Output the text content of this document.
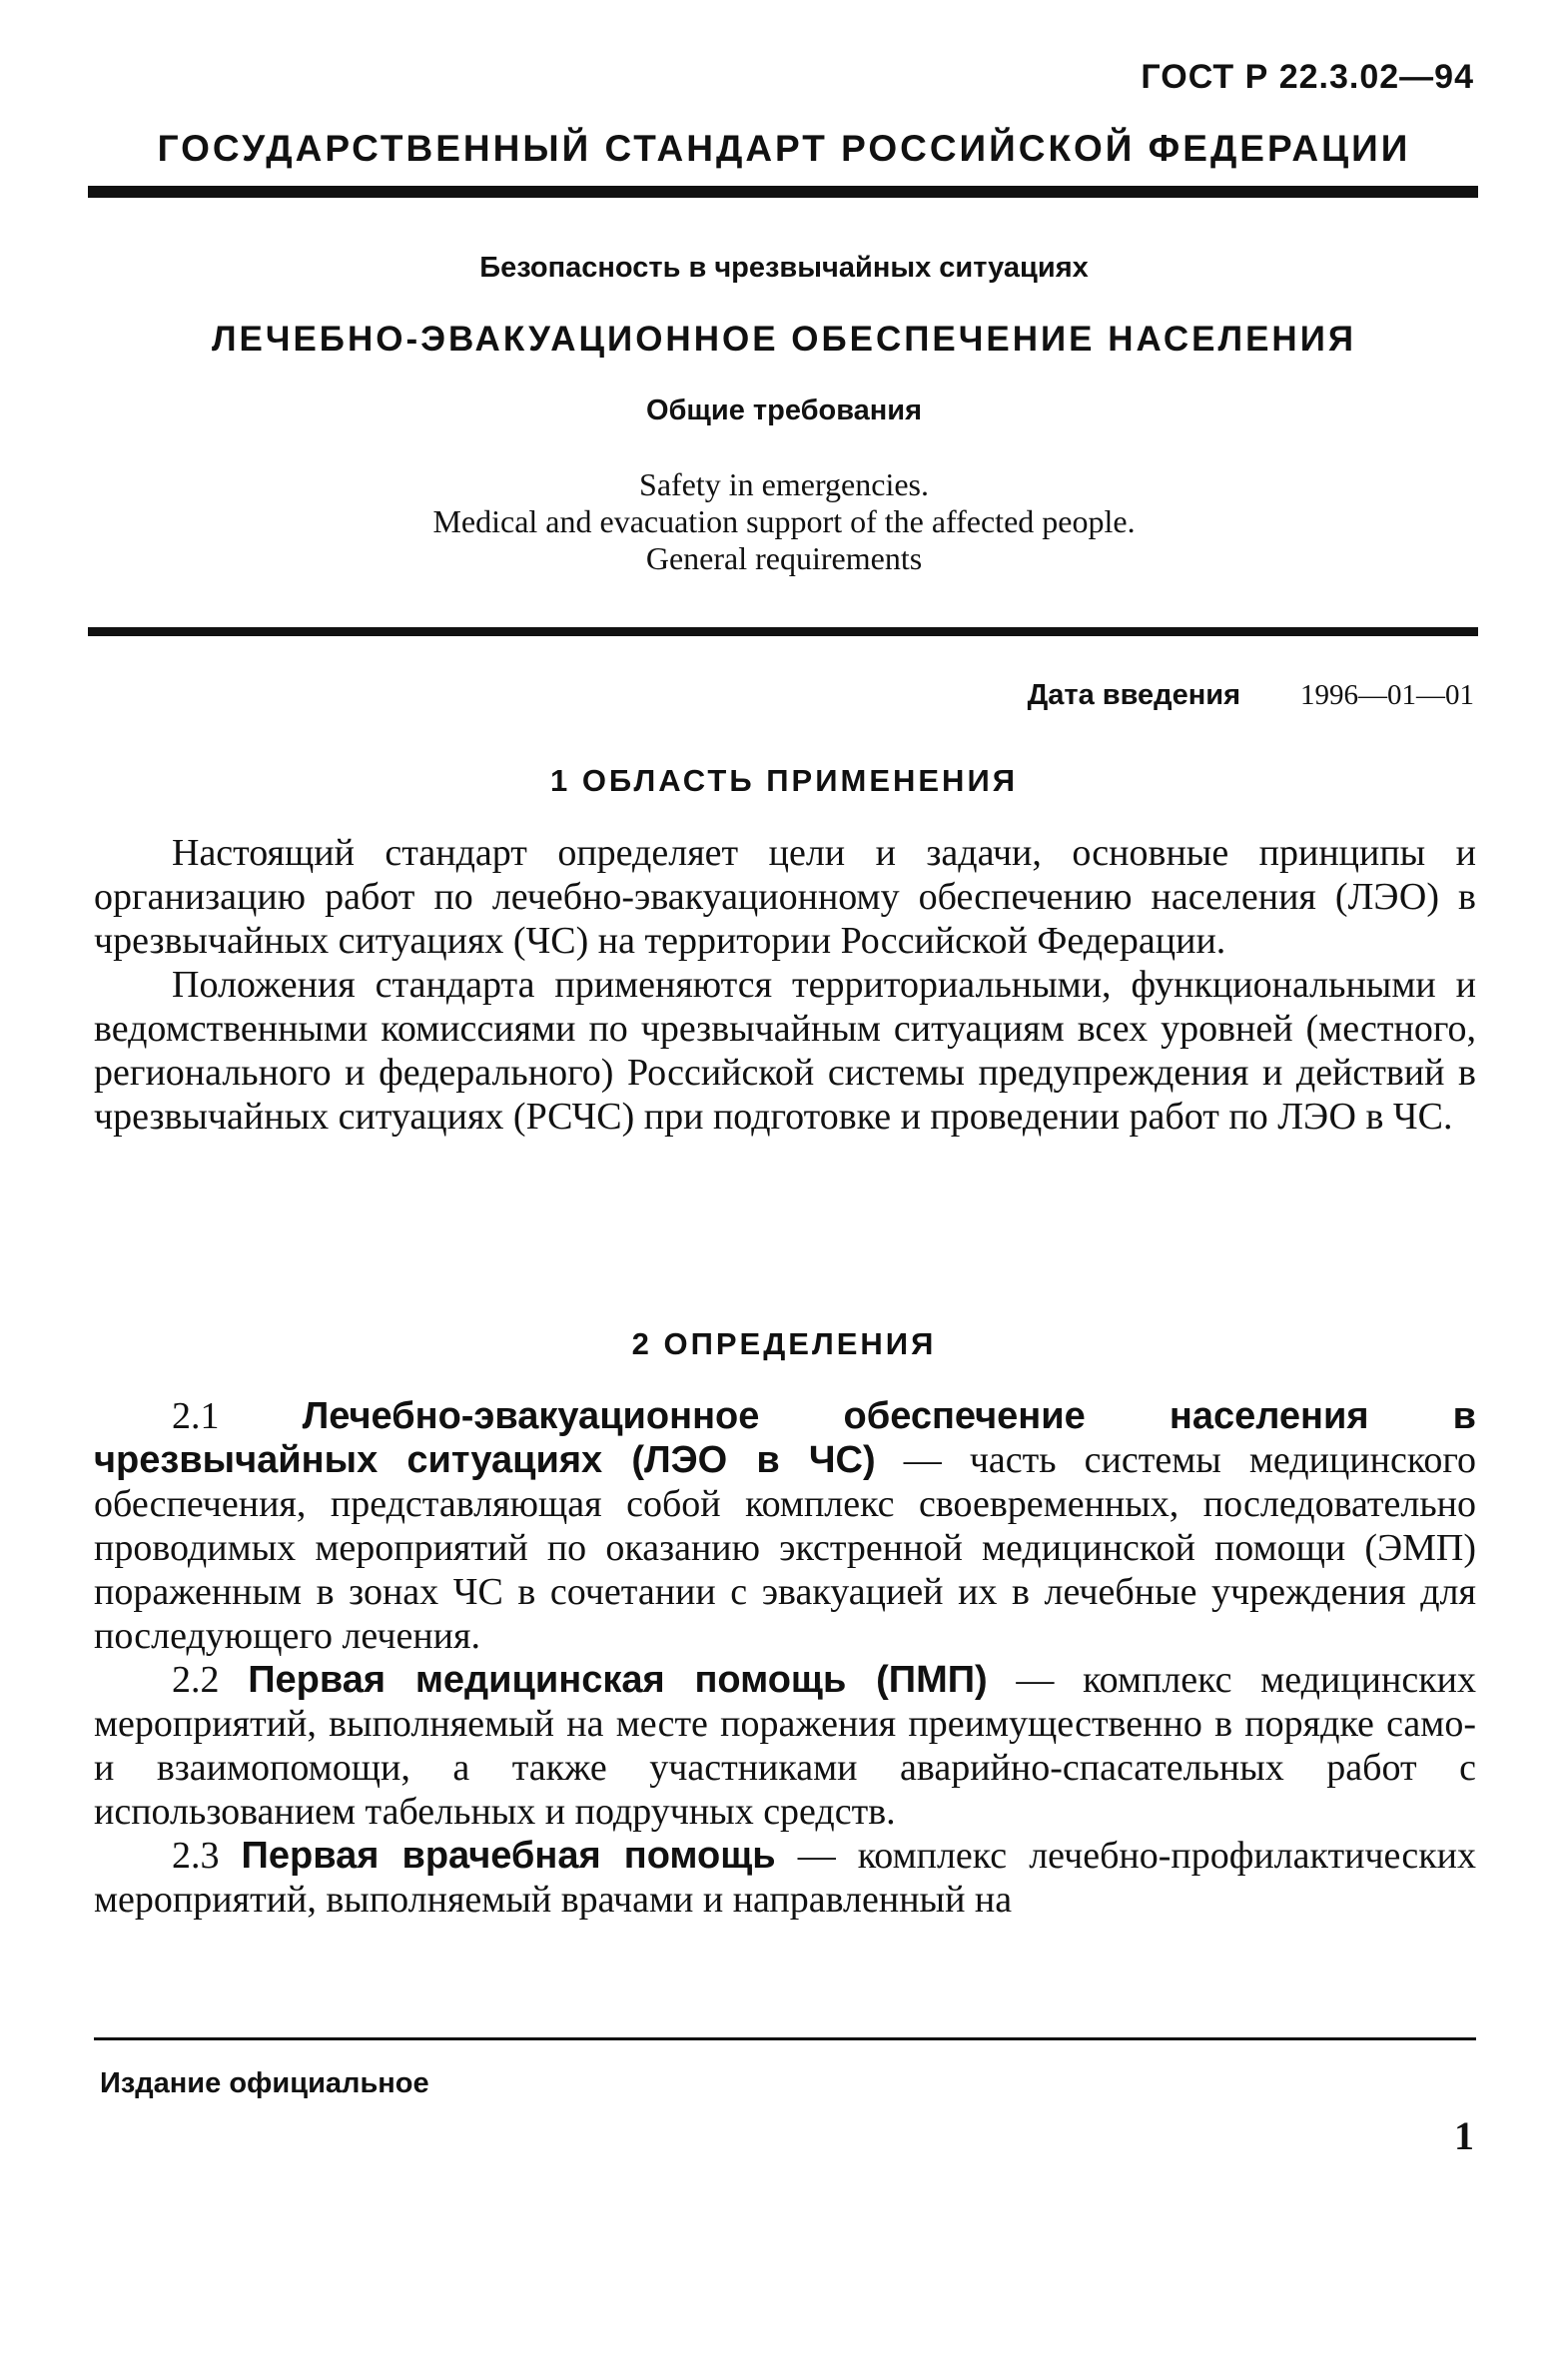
ГОСТ Р 22.3.02—94
ГОСУДАРСТВЕННЫЙ СТАНДАРТ РОССИЙСКОЙ ФЕДЕРАЦИИ
Безопасность в чрезвычайных ситуациях
ЛЕЧЕБНО-ЭВАКУАЦИОННОЕ ОБЕСПЕЧЕНИЕ НАСЕЛЕНИЯ
Общие требования
Safety in emergencies.
Medical and evacuation support of the affected people.
General requirements
Дата введения 1996—01—01
1 ОБЛАСТЬ ПРИМЕНЕНИЯ

Настоящий стандарт определяет цели и задачи, основные принципы и организацию работ по лечебно-эвакуационному обеспечению населения (ЛЭО) в чрезвычайных ситуациях (ЧС) на территории Российской Федерации.

Положения стандарта применяются территориальными, функциональными и ведомственными комиссиями по чрезвычайным ситуациям всех уровней (местного, регионального и федерального) Российской системы предупреждения и действий в чрезвычайных ситуациях (РСЧС) при подготовке и проведении работ по ЛЭО в ЧС.

2 ОПРЕДЕЛЕНИЯ

2.1 Лечебно-эвакуационное обеспечение населения в чрезвычайных ситуациях (ЛЭО в ЧС) — часть системы медицинского обеспечения, представляющая собой комплекс своевременных, последовательно проводимых мероприятий по оказанию экстренной медицинской помощи (ЭМП) пораженным в зонах ЧС в сочетании с эвакуацией их в лечебные учреждения для последующего лечения.

2.2 Первая медицинская помощь (ПМП) — комплекс медицинских мероприятий, выполняемый на месте поражения преимущественно в порядке само- и взаимопомощи, а также участниками аварийно-спасательных работ с использованием табельных и подручных средств.

2.3 Первая врачебная помощь — комплекс лечебно-профилактических мероприятий, выполняемый врачами и направленный на

Издание официальное
1
